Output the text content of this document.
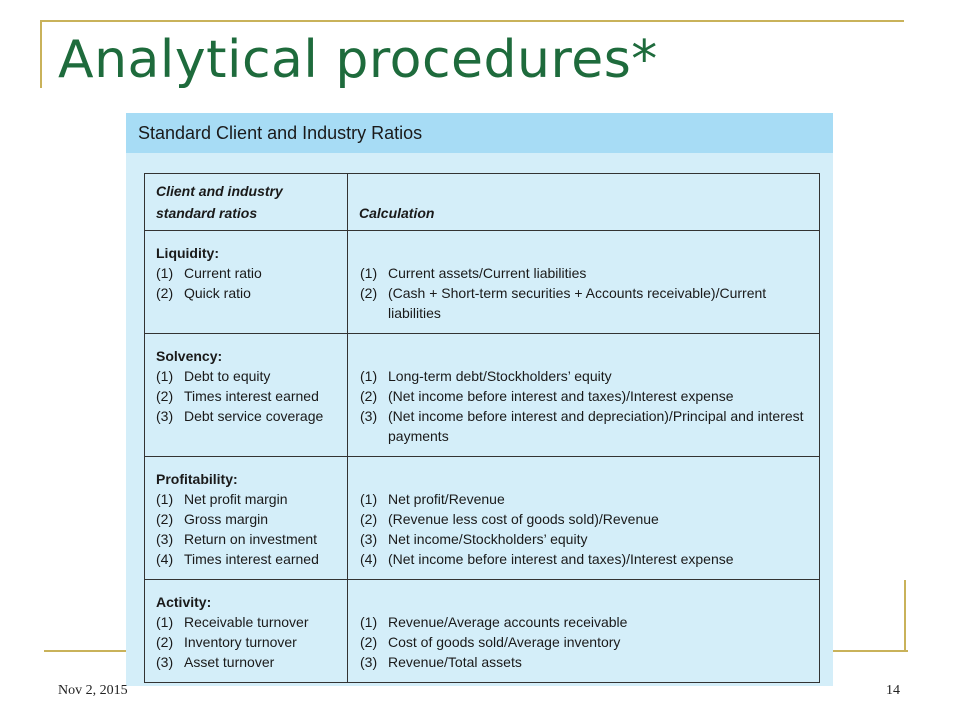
Analytical procedures*
Standard Client and Industry Ratios
Client and industry
standard ratios	Calculation
Liquidity:
(1) Current ratio
(2) Quick ratio
(1) Current assets/Current liabilities
(2) (Cash + Short-term securities + Accounts receivable)/Current liabilities
Solvency:
(1) Debt to equity
(2) Times interest earned
(3) Debt service coverage
(1) Long-term debt/Stockholders’ equity
(2) (Net income before interest and taxes)/Interest expense
(3) (Net income before interest and depreciation)/Principal and interest payments
Profitability:
(1) Net profit margin
(2) Gross margin
(3) Return on investment
(4) Times interest earned
(1) Net profit/Revenue
(2) (Revenue less cost of goods sold)/Revenue
(3) Net income/Stockholders’ equity
(4) (Net income before interest and taxes)/Interest expense
Activity:
(1) Receivable turnover
(2) Inventory turnover
(3) Asset turnover
(1) Revenue/Average accounts receivable
(2) Cost of goods sold/Average inventory
(3) Revenue/Total assets
Nov 2, 2015	14
